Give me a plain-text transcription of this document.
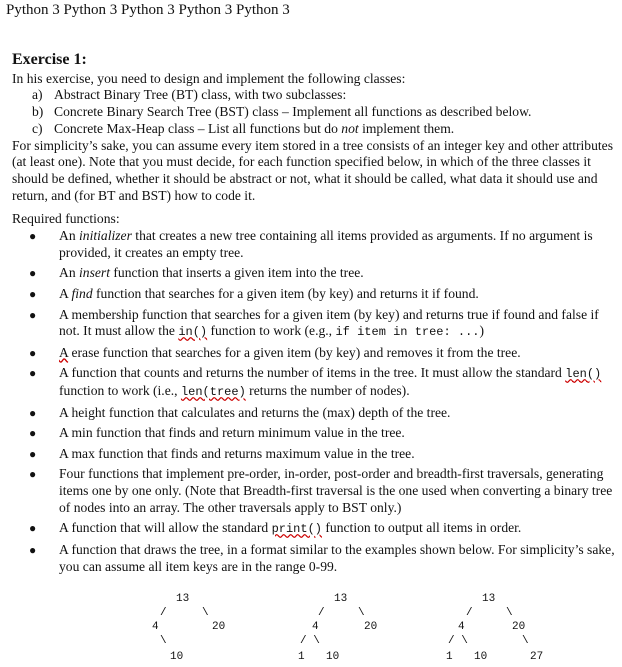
Python 3 Python 3 Python 3 Python 3 Python 3
Exercise 1:

In his exercise, you need to design and implement the following classes:

a) Abstract Binary Tree (BT) class, with two subclasses:
b) Concrete Binary Search Tree (BST) class – Implement all functions as described below.
c) Concrete Max-Heap class – List all functions but do not implement them.

For simplicity’s sake, you can assume every item stored in a tree consists of an integer key and other attributes (at least one). Note that you must decide, for each function specified below, in which of the three classes it should be defined, whether it should be abstract or not, what it should be called, what data it should use and return, and (for BT and BST) how to code it.

Required functions:
●	An initializer that creates a new tree containing all items provided as arguments. If no argument is provided, it creates an empty tree.
●	An insert function that inserts a given item into the tree.
●	A find function that searches for a given item (by key) and returns it if found.
●	A membership function that searches for a given item (by key) and returns true if found and false if not. It must allow the in() function to work (e.g., if item in tree: ...)
●	A erase function that searches for a given item (by key) and removes it from the tree.
●	A function that counts and returns the number of items in the tree. It must allow the standard len() function to work (i.e., len(tree) returns the number of nodes).
●	A height function that calculates and returns the (max) depth of the tree.
●	A min function that finds and return minimum value in the tree.
●	A max function that finds and returns maximum value in the tree.
●	Four functions that implement pre-order, in-order, post-order and breadth-first traversals, generating items one by one only. (Note that Breadth-first traversal is the one used when converting a binary tree of nodes into an array. The other traversals apply to BST only.)
●	A function that will allow the standard print() function to output all items in order.
●	A function that draws the tree, in a format similar to the examples shown below. For simplicity’s sake, you can assume all item keys are in the range 0-99.
13
/	\
4	20
\
10
13
/	\
4	20
/ \
1 10
13
/	\
4	20
/ \	\
1 10	27
